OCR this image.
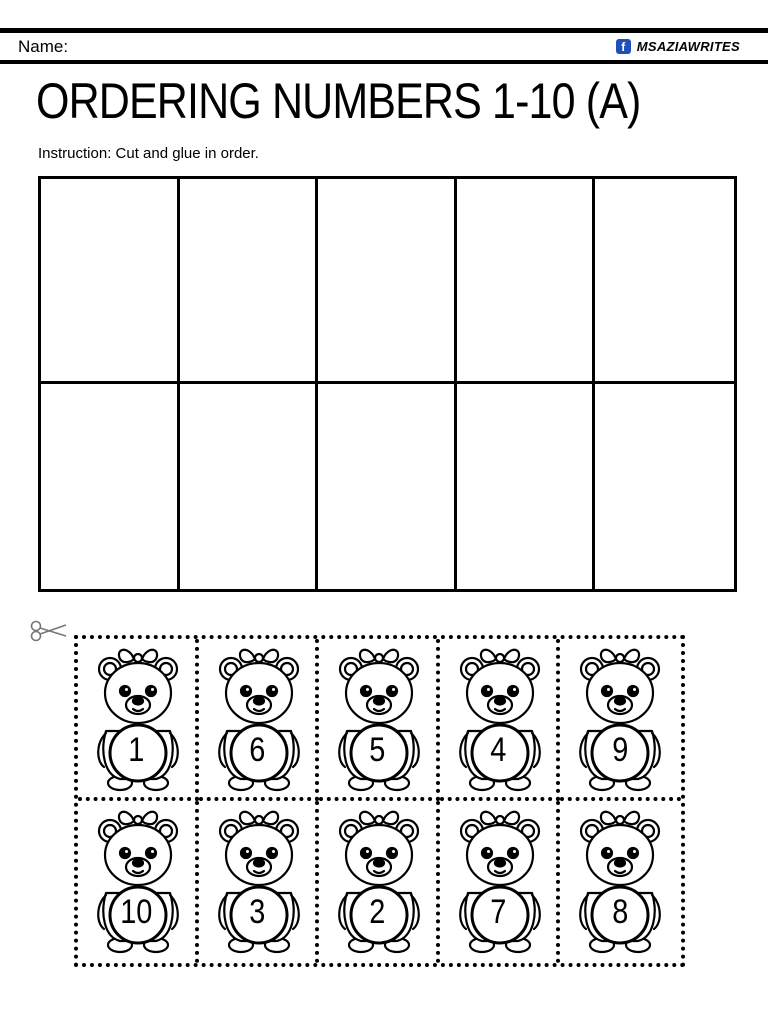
Name:	f MSAZIAWRITES
ORDERING NUMBERS 1-10 (A)

Instruction: Cut and glue in order.

1	6	5	4	9
10	3	2	7	8
